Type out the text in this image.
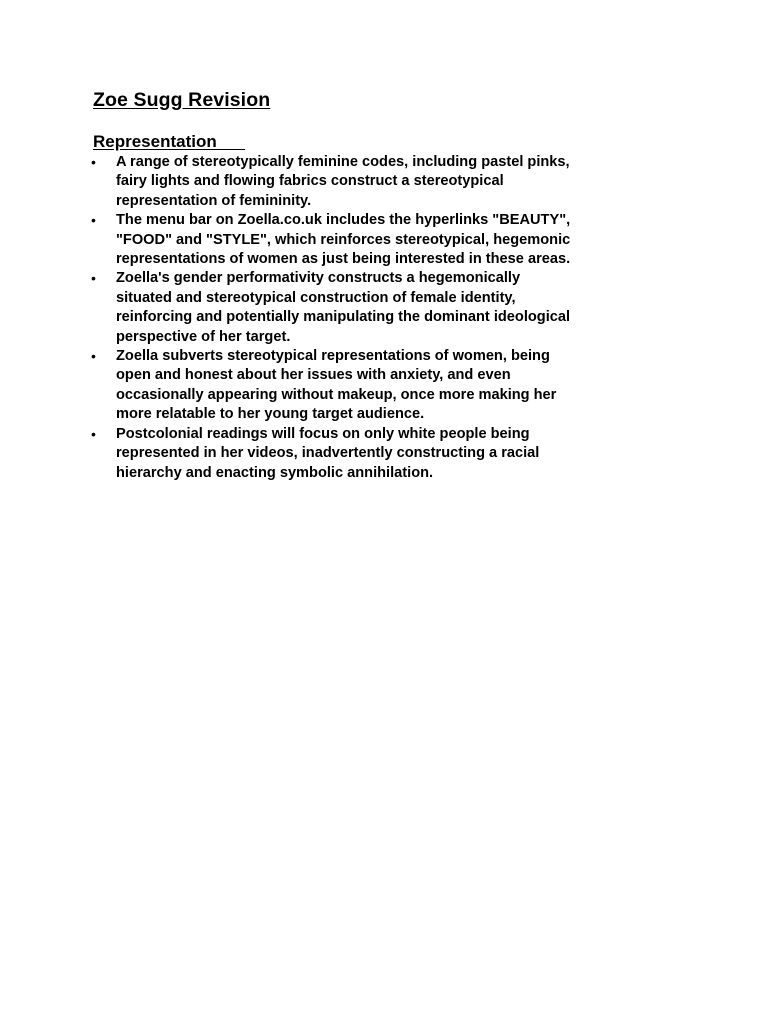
Zoe Sugg Revision
Representation
• A range of stereotypically feminine codes, including pastel pinks,
fairy lights and flowing fabrics construct a stereotypical
representation of femininity.
• The menu bar on Zoella.co.uk includes the hyperlinks "BEAUTY",
"FOOD" and "STYLE", which reinforces stereotypical, hegemonic
representations of women as just being interested in these areas.
• Zoella's gender performativity constructs a hegemonically
situated and stereotypical construction of female identity,
reinforcing and potentially manipulating the dominant ideological
perspective of her target.
• Zoella subverts stereotypical representations of women, being
open and honest about her issues with anxiety, and even
occasionally appearing without makeup, once more making her
more relatable to her young target audience.
• Postcolonial readings will focus on only white people being
represented in her videos, inadvertently constructing a racial
hierarchy and enacting symbolic annihilation.
